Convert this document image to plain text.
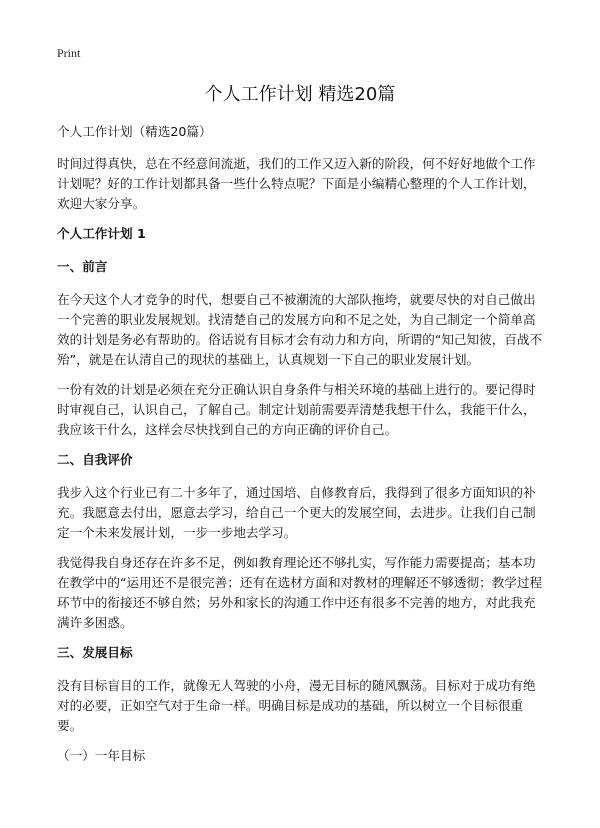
Print
个人工作计划 精选20篇

个人工作计划（精选20篇）

时间过得真快，总在不经意间流逝，我们的工作又迈入新的阶段，何不好好地做个工作计划呢？好的工作计划都具备一些什么特点呢？下面是小编精心整理的个人工作计划，欢迎大家分享。

个人工作计划 1
一、前言

在今天这个人才竞争的时代，想要自己不被潮流的大部队拖垮，就要尽快的对自己做出一个完善的职业发展规划。找清楚自己的发展方向和不足之处，为自己制定一个简单高效的计划是务必有帮助的。俗话说有目标才会有动力和方向，所谓的“知己知彼，百战不殆”，就是在认清自己的现状的基础上，认真规划一下自己的职业发展计划。

一份有效的计划是必须在充分正确认识自身条件与相关环境的基础上进行的。要记得时时审视自己，认识自己，了解自己。制定计划前需要弄清楚我想干什么，我能干什么，我应该干什么，这样会尽快找到自己的方向正确的评价自己。

二、自我评价

我步入这个行业已有二十多年了，通过国培、自修教育后，我得到了很多方面知识的补充。我愿意去付出，愿意去学习，给自己一个更大的发展空间，去进步。让我们自己制定一个未来发展计划，一步一步地去学习。

我觉得我自身还存在许多不足，例如教育理论还不够扎实，写作能力需要提高；基本功在教学中的“运用还不是很完善；还有在选材方面和对教材的理解还不够透彻；教学过程环节中的衔接还不够自然；另外和家长的沟通工作中还有很多不完善的地方，对此我充满许多困惑。

三、发展目标

没有目标盲目的工作，就像无人驾驶的小舟，漫无目标的随风飘荡。目标对于成功有绝对的必要，正如空气对于生命一样。明确目标是成功的基础，所以树立一个目标很重要。

（一）一年目标
